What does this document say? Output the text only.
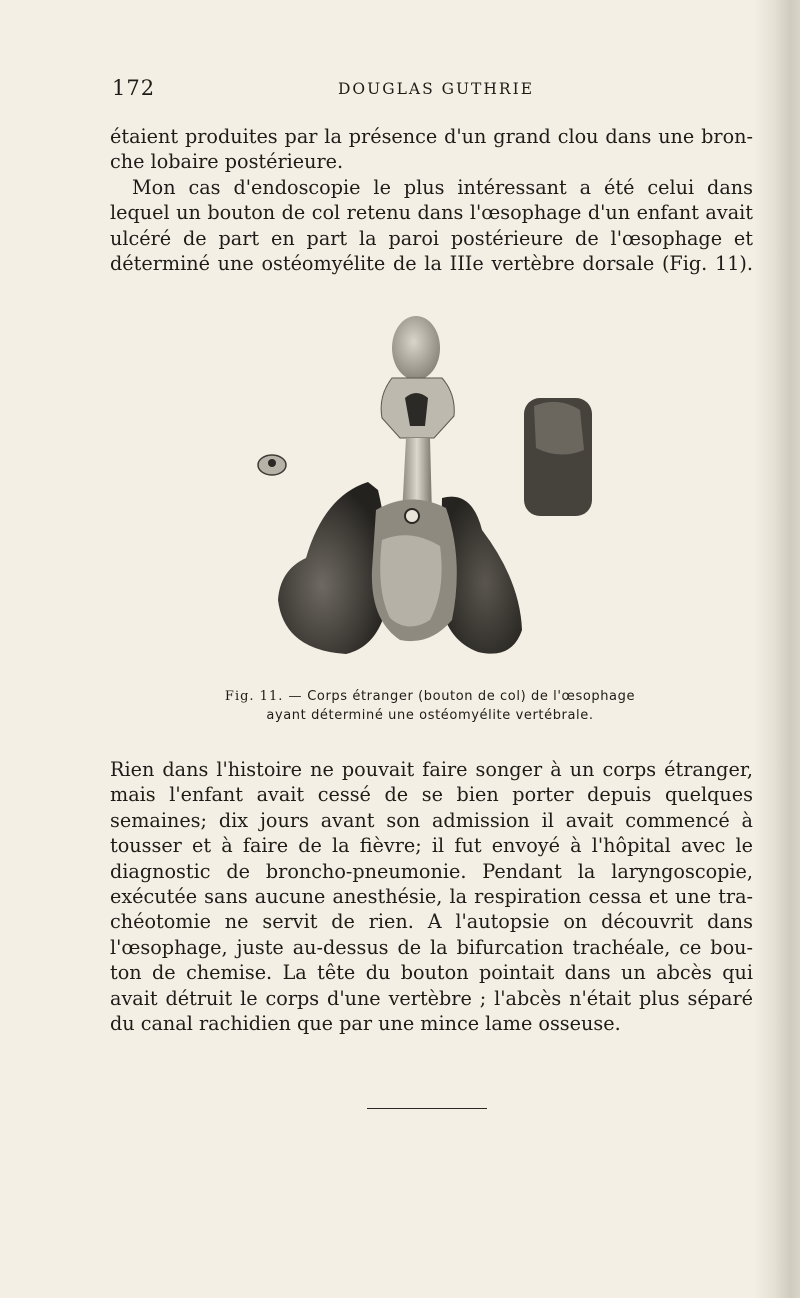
172	DOUGLAS GUTHRIE
étaient produites par la présence d'un grand clou dans une bron-
che lobaire postérieure.
Mon cas d'endoscopie le plus intéressant a été celui dans
lequel un bouton de col retenu dans l'œsophage d'un enfant avait
ulcéré de part en part la paroi postérieure de l'œsophage et
déterminé une ostéomyélite de la IIIe vertèbre dorsale (Fig. 11).
Fig. 11. — Corps étranger (bouton de col) de l'œsophage
ayant déterminé une ostéomyélite vertébrale.
Rien dans l'histoire ne pouvait faire songer à un corps étranger,
mais l'enfant avait cessé de se bien porter depuis quelques
semaines; dix jours avant son admission il avait commencé à
tousser et à faire de la fièvre; il fut envoyé à l'hôpital avec le
diagnostic de broncho-pneumonie. Pendant la laryngoscopie,
exécutée sans aucune anesthésie, la respiration cessa et une tra-
chéotomie ne servit de rien. A l'autopsie on découvrit dans
l'œsophage, juste au-dessus de la bifurcation trachéale, ce bou-
ton de chemise. La tête du bouton pointait dans un abcès qui
avait détruit le corps d'une vertèbre ; l'abcès n'était plus séparé
du canal rachidien que par une mince lame osseuse.
